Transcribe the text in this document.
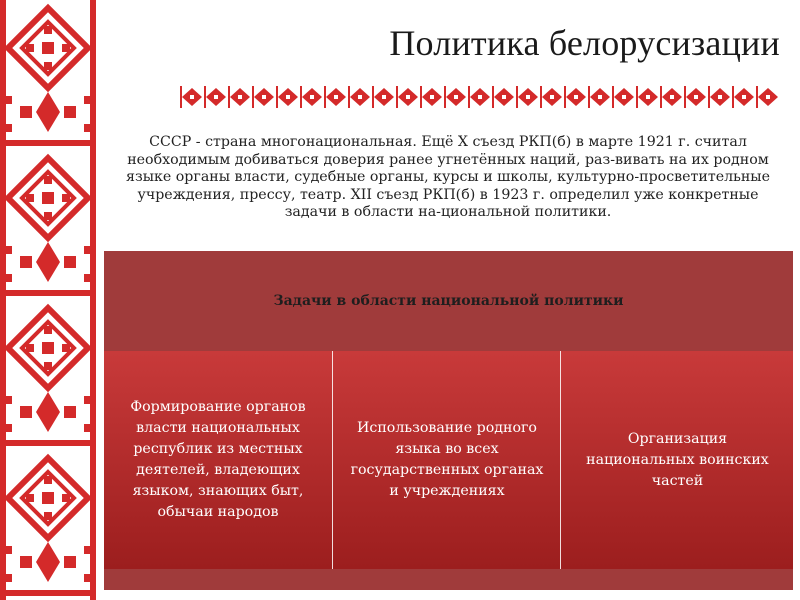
Политика белорусизации
СССР - страна многонациональная. Ещё Х съезд РКП(б) в марте 1921 г. считал необходимым добиваться доверия ранее угнетённых наций, раз-вивать на их родном языке органы власти, судебные органы, курсы и школы, культурно-просветительные учреждения, прессу, театр. XII съезд РКП(б) в 1923 г. определил уже конкретные задачи в области на-циональной политики.
Задачи в области национальной политики
Формирование органов власти национальных республик из местных деятелей, владеющих языком, знающих быт, обычаи народов
Использование родного языка во всех государственных органах и учреждениях
Организация национальных воинских частей
